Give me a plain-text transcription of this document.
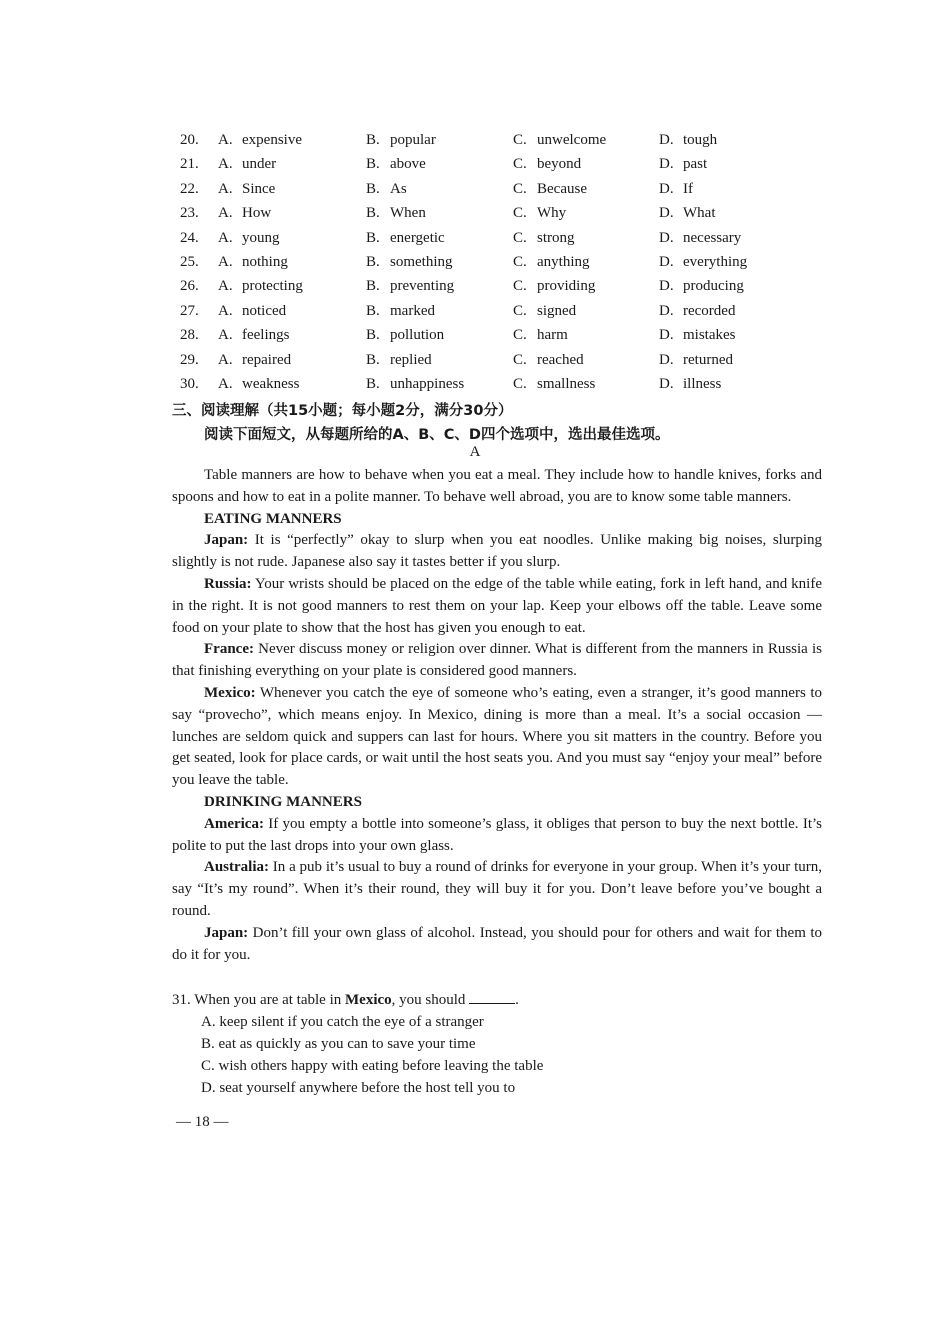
20.	A. expensive	B. popular	C. unwelcome	D. tough
21.	A. under	B. above	C. beyond	D. past
22.	A. Since	B. As	C. Because	D. If
23.	A. How	B. When	C. Why	D. What
24.	A. young	B. energetic	C. strong	D. necessary
25.	A. nothing	B. something	C. anything	D. everything
26.	A. protecting	B. preventing	C. providing	D. producing
27.	A. noticed	B. marked	C. signed	D. recorded
28.	A. feelings	B. pollution	C. harm	D. mistakes
29.	A. repaired	B. replied	C. reached	D. returned
30.	A. weakness	B. unhappiness	C. smallness	D. illness
三、阅读理解（共15小题；每小题2分，满分30分）
阅读下面短文，从每题所给的A、B、C、D四个选项中，选出最佳选项。
A

Table manners are how to behave when you eat a meal. They include how to handle knives, forks and spoons and how to eat in a polite manner. To behave well abroad, you are to know some table manners.

EATING MANNERS

Japan: It is “perfectly” okay to slurp when you eat noodles. Unlike making big noises, slurping slightly is not rude. Japanese also say it tastes better if you slurp.

Russia: Your wrists should be placed on the edge of the table while eating, fork in left hand, and knife in the right. It is not good manners to rest them on your lap. Keep your elbows off the table. Leave some food on your plate to show that the host has given you enough to eat.

France: Never discuss money or religion over dinner. What is different from the manners in Russia is that finishing everything on your plate is considered good manners.

Mexico: Whenever you catch the eye of someone who’s eating, even a stranger, it’s good manners to say “provecho”, which means enjoy. In Mexico, dining is more than a meal. It’s a social occasion — lunches are seldom quick and suppers can last for hours. Where you sit matters in the country. Before you get seated, look for place cards, or wait until the host seats you. And you must say “enjoy your meal” before you leave the table.

DRINKING MANNERS

America: If you empty a bottle into someone’s glass, it obliges that person to buy the next bottle. It’s polite to put the last drops into your own glass.

Australia: In a pub it’s usual to buy a round of drinks for everyone in your group. When it’s your turn, say “It’s my round”. When it’s their round, they will buy it for you. Don’t leave before you’ve bought a round.

Japan: Don’t fill your own glass of alcohol. Instead, you should pour for others and wait for them to do it for you.

31. When you are at table in Mexico, you should	.
A. keep silent if you catch the eye of a stranger
B. eat as quickly as you can to save your time
C. wish others happy with eating before leaving the table
D. seat yourself anywhere before the host tell you to
— 18 —
